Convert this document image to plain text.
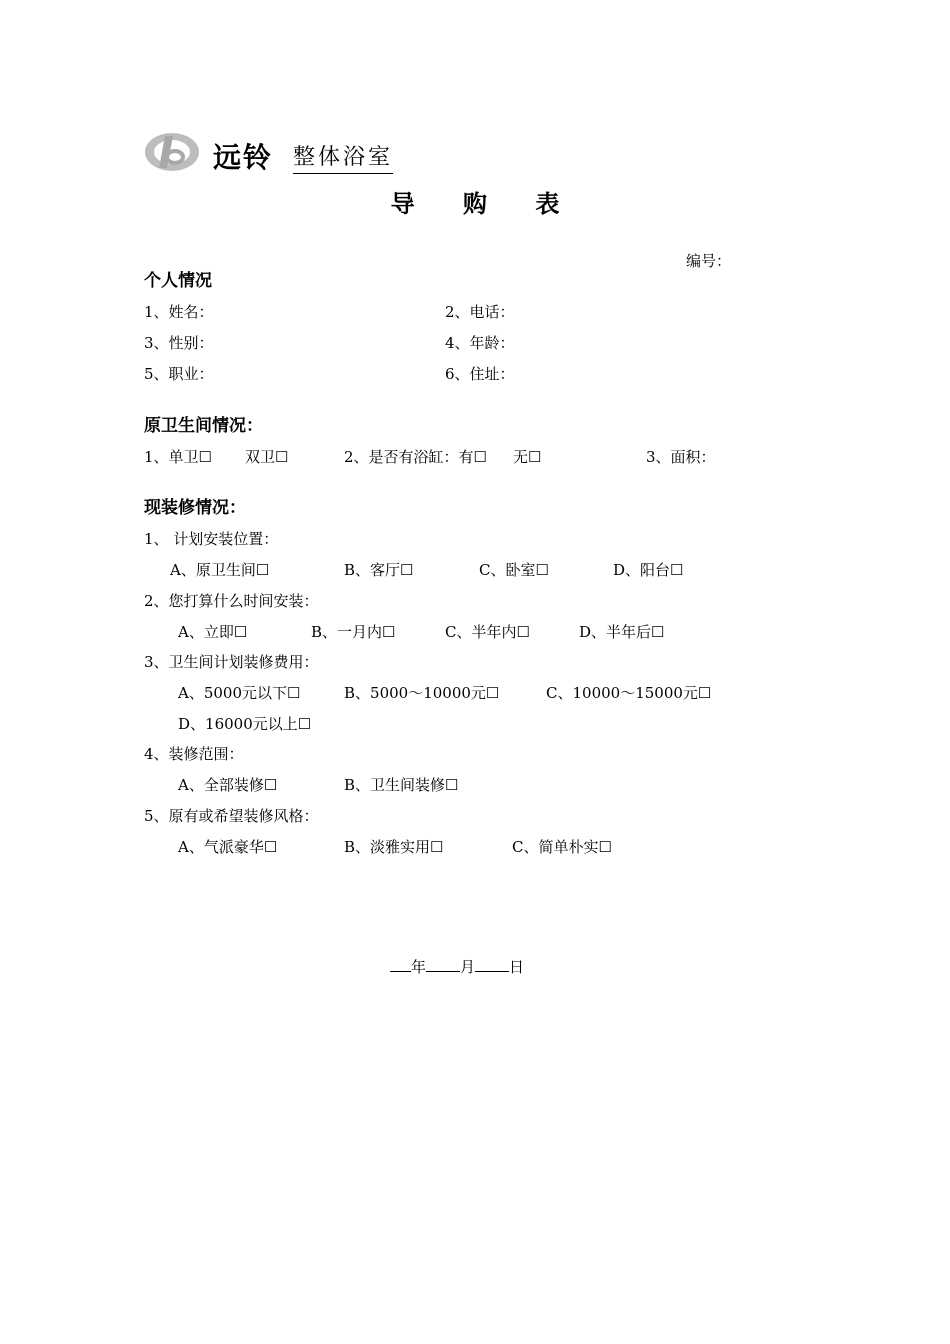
远铃 整体浴室
导 购 表
编号：
个人情况
1、姓名：	2、电话：
3、性别：	4、年龄：
5、职业：	6、住址：
原卫生间情况：
1、单卫☐ 双卫☐	2、是否有浴缸：有☐ 无☐	3、面积：
现装修情况：
1、 计划安装位置：
A、原卫生间☐	B、客厅☐	C、卧室☐	D、阳台☐
2、您打算什么时间安装：
A、立即☐	B、一月内☐	C、半年内☐	D、半年后☐
3、卫生间计划装修费用：
A、5000元以下☐	B、5000～10000元☐	C、10000～15000元☐
D、16000元以上☐
4、装修范围：
A、全部装修☐	B、卫生间装修☐
5、原有或希望装修风格：
A、气派豪华☐	B、淡雅实用☐	C、简单朴实☐
年 月 日
